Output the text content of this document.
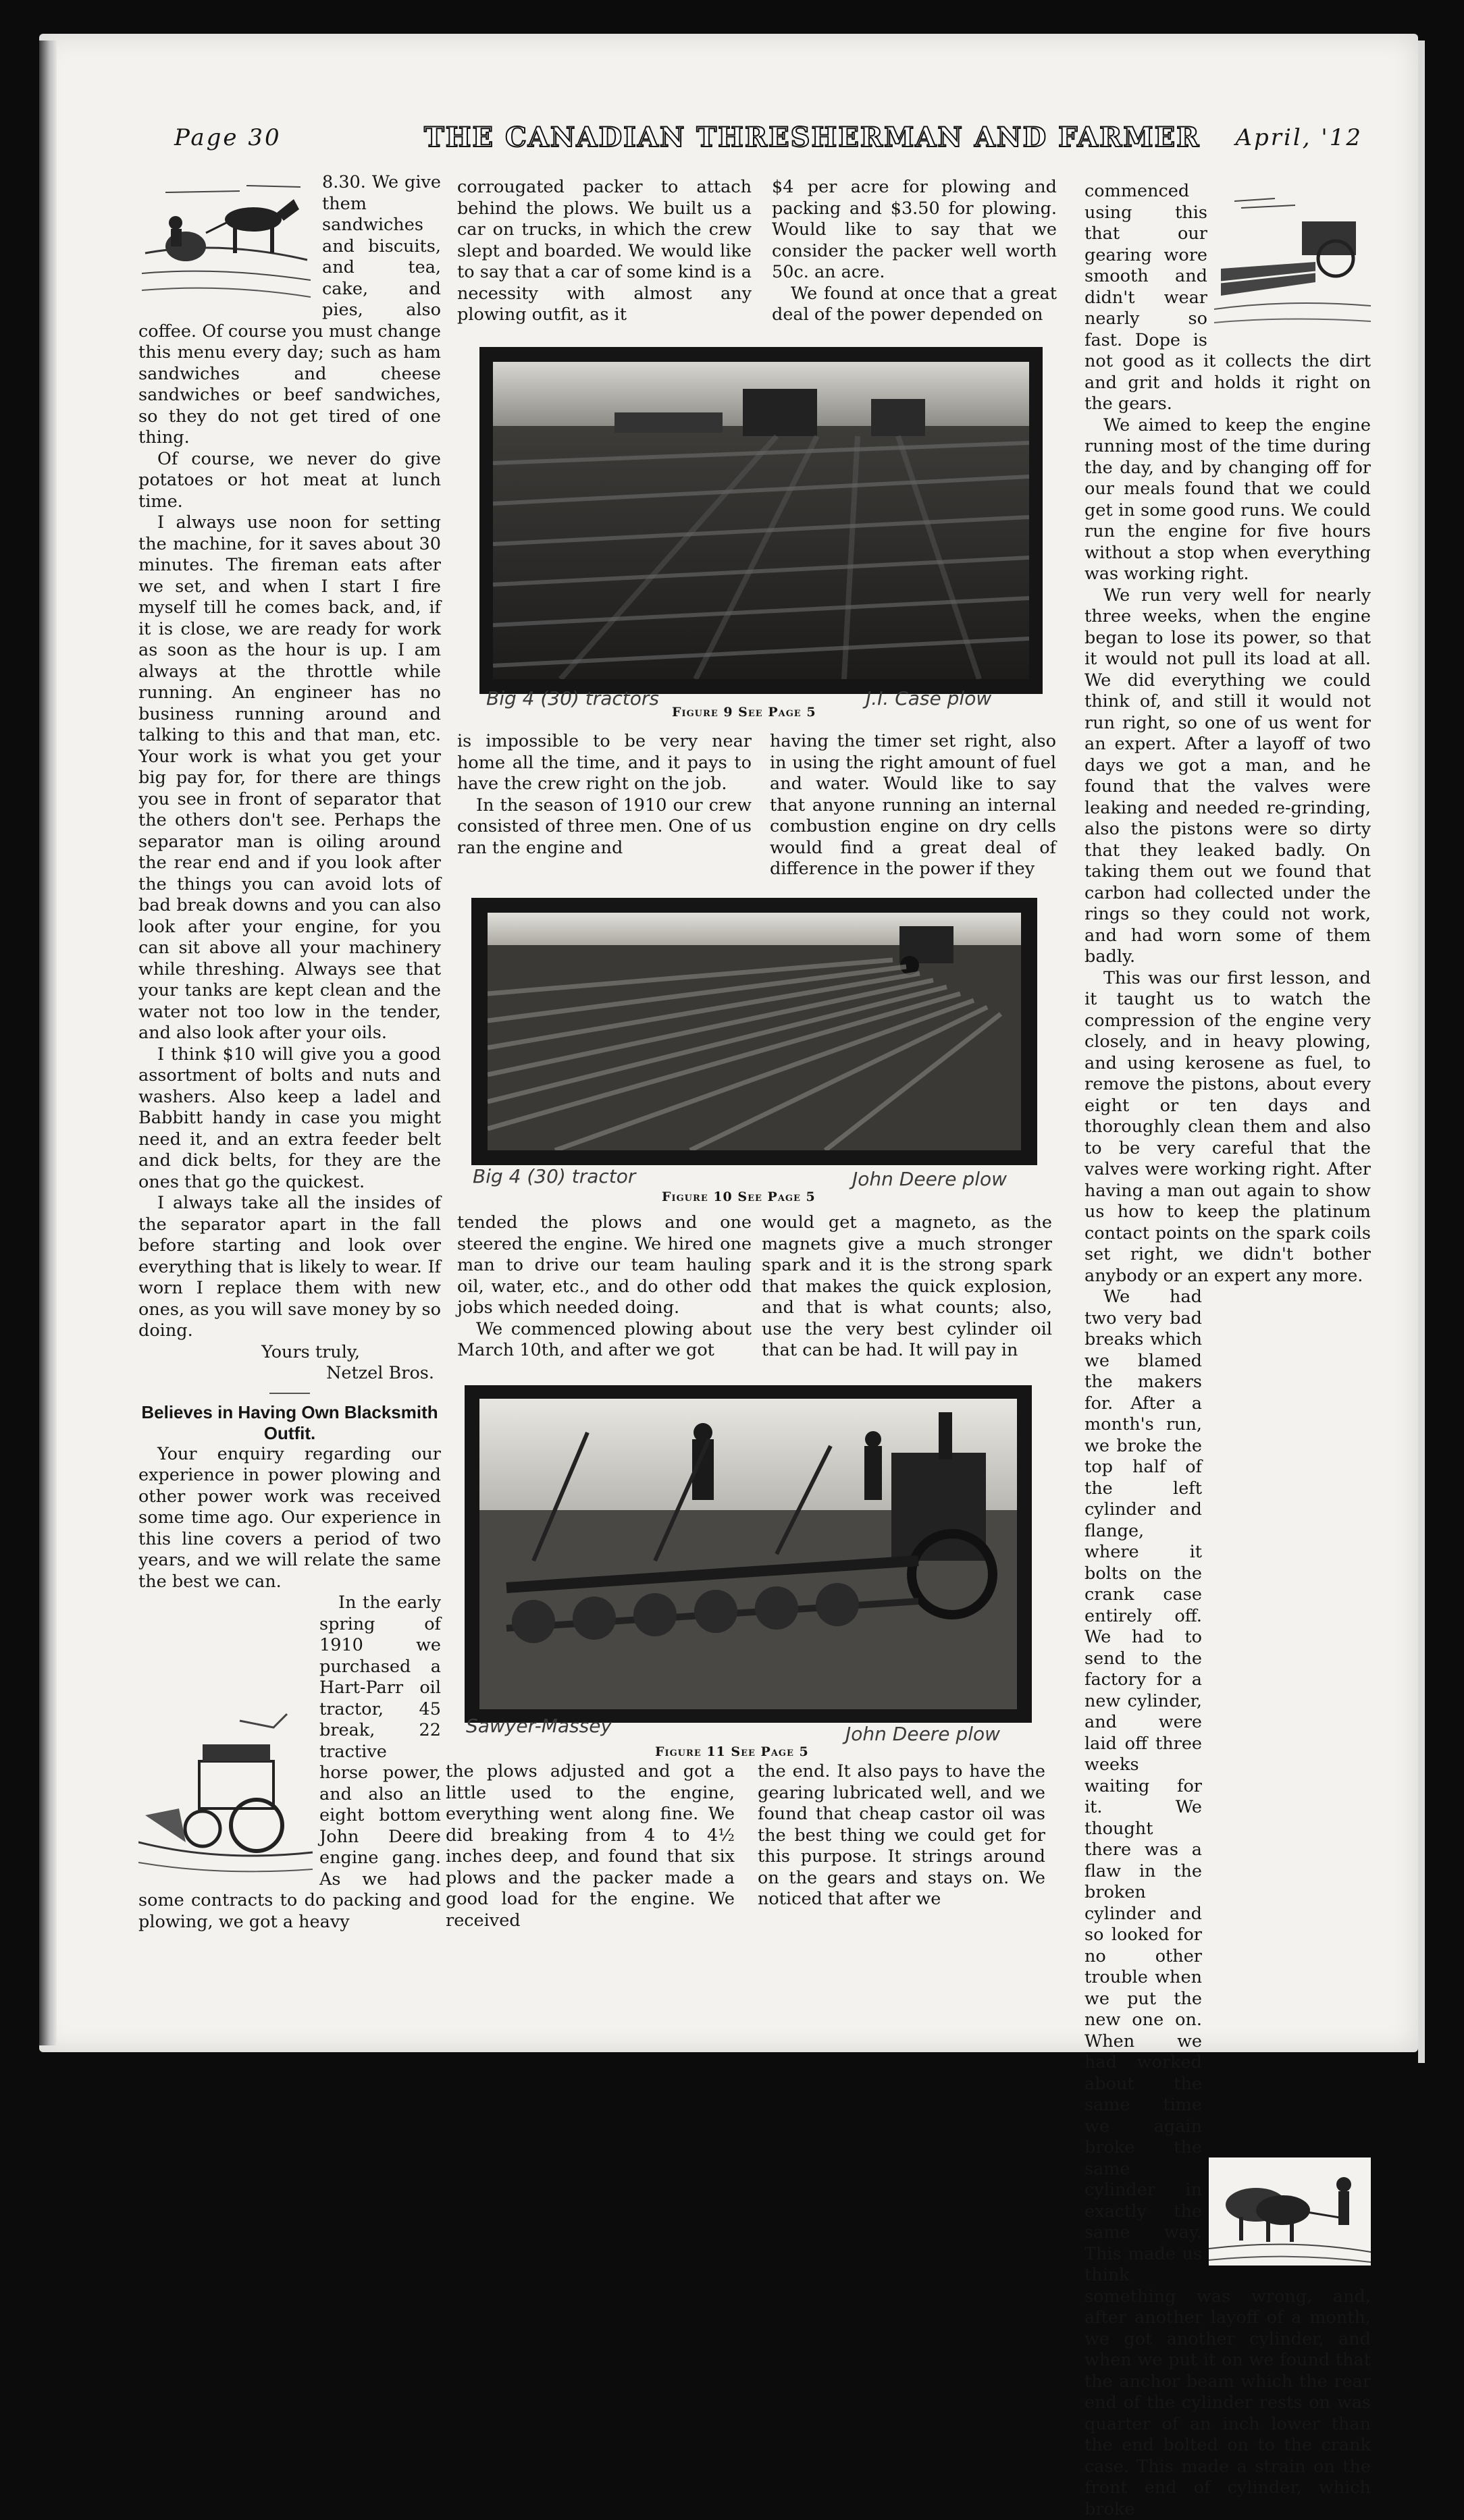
Page 30	THE CANADIAN THRESHERMAN AND FARMER April, '12

8.30. We give them sandwiches and biscuits, and tea, cake, and pies, also coffee. Of course you must change this menu every day; such as ham sandwiches and cheese sandwiches or beef sandwiches, so they do not get tired of one thing.

Of course, we never do give potatoes or hot meat at lunch time.

I always use noon for setting the machine, for it saves about 30 minutes. The fireman eats after we set, and when I start I fire myself till he comes back, and, if it is close, we are ready for work as soon as the hour is up. I am always at the throttle while running. An engineer has no business running around and talking to this and that man, etc. Your work is what you get your big pay for, for there are things you see in front of separator that the others don't see. Perhaps the separator man is oiling around the rear end and if you look after the things you can avoid lots of bad break downs and you can also look after your engine, for you can sit above all your machinery while threshing. Always see that your tanks are kept clean and the water not too low in the tender, and also look after your oils.

I think $10 will give you a good assortment of bolts and nuts and washers. Also keep a ladel and Babbitt handy in case you might need it, and an extra feeder belt and dick belts, for they are the ones that go the quickest.

I always take all the insides of the separator apart in the fall before starting and look over everything that is likely to wear. If worn I replace them with new ones, as you will save money by so doing.

Yours truly,

Netzel Bros.

Believes in Having Own Blacksmith Outfit.

Your enquiry regarding our experience in power plowing and other power work was received some time ago. Our experience in this line covers a period of two years, and we will relate the same the best we can.

In the early spring of 1910 we purchased a Hart-Parr oil tractor, 45 break, 22 tractive horse power, and also an eight bottom John Deere engine gang. As we had some contracts to do packing and plowing, we got a heavy

corrougated packer to attach behind the plows. We built us a car on trucks, in which the crew slept and boarded. We would like to say that a car of some kind is a necessity with almost any plowing outfit, as it

is impossible to be very near home all the time, and it pays to have the crew right on the job.

In the season of 1910 our crew consisted of three men. One of us ran the engine and

tended the plows and one steered the engine. We hired one man to drive our team hauling oil, water, etc., and do other odd jobs which needed doing.

We commenced plowing about March 10th, and after we got

the plows adjusted and got a little used to the engine, everything went along fine. We did breaking from 4 to 4½ inches deep, and found that six plows and the packer made a good load for the engine. We received

$4 per acre for plowing and packing and $3.50 for plowing. Would like to say that we consider the packer well worth 50c. an acre.

We found at once that a great deal of the power depended on

having the timer set right, also in using the right amount of fuel and water. Would like to say that anyone running an internal combustion engine on dry cells would find a great deal of difference in the power if they

would get a magneto, as the magnets give a much stronger spark and it is the strong spark that makes the quick explosion, and that is what counts; also, use the very best cylinder oil that can be had. It will pay in

the end. It also pays to have the gearing lubricated well, and we found that cheap castor oil was the best thing we could get for this purpose. It strings around on the gears and stays on. We noticed that after we

commenced using this that our gearing wore smooth and didn't wear nearly so fast. Dope is not good as it collects the dirt and grit and holds it right on the gears.

We aimed to keep the engine running most of the time during the day, and by changing off for our meals found that we could get in some good runs. We could run the engine for five hours without a stop when everything was working right.

We run very well for nearly three weeks, when the engine began to lose its power, so that it would not pull its load at all. We did everything we could think of, and still it would not run right, so one of us went for an expert. After a layoff of two days we got a man, and he found that the valves were leaking and needed re-grinding, also the pistons were so dirty that they leaked badly. On taking them out we found that carbon had collected under the rings so they could not work, and had worn some of them badly.

This was our first lesson, and it taught us to watch the compression of the engine very closely, and in heavy plowing, and using kerosene as fuel, to remove the pistons, about every eight or ten days and thoroughly clean them and also to be very careful that the valves were working right. After having a man out again to show us how to keep the platinum contact points on the spark coils set right, we didn't bother anybody or an expert any more.

We had two very bad breaks which we blamed the makers for. After a month's run, we broke the top half of the left cylinder and flange, where it bolts on the crank case entirely off. We had to send to the factory for a new cylinder, and were laid off three weeks waiting for it. We thought there was a flaw in the broken cylinder and so looked for no other trouble when we put the new one on. When we had worked about the same time we again broke the same cylinder in exactly the same way. This made us think something was wrong, and, after another layoff of a month, we got another cylinder, and when we put it on we found that the anchor beam which the rear end of the cylinder rests on was quarter of an inch lower than the end bolted on to the crank case. This made a strain on the front end of cylinder, which broke

Big 4 (30) tractors
Figure 9 See Page 5
J.I. Case plow
Big 4 (30) tractor
Figure 10 See Page 5
John Deere plow
Sawyer-Massey
Figure 11 See Page 5
John Deere plow
